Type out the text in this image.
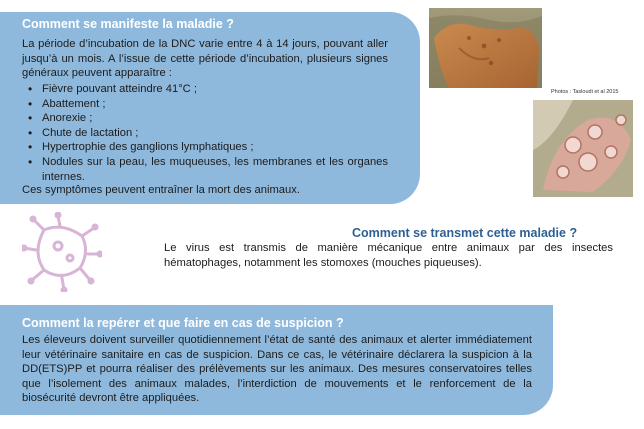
Comment se manifeste la maladie ?

La période d’incubation de la DNC varie entre 4 à 14 jours, pouvant aller jusqu’à un mois. A l’issue de cette période d’incubation, plusieurs signes généraux peuvent apparaître :

• Fièvre pouvant atteindre 41°C ;
• Abattement ;
• Anorexie ;
• Chute de lactation ;
• Hypertrophie des ganglions lymphatiques ;
• Nodules sur la peau, les muqueuses, les membranes et les organes internes.

Ces symptômes peuvent entraîner la mort des animaux.

Photos : Tasloudi et al 2015
Comment se transmet cette maladie ?

Le virus est transmis de manière mécanique entre animaux par des insectes hématophages, notamment les stomoxes (mouches piqueuses).

Comment la repérer et que faire en cas de suspicion ?

Les éleveurs doivent surveiller quotidiennement l’état de santé des animaux et alerter immédiatement leur vétérinaire sanitaire en cas de suspicion. Dans ce cas, le vétérinaire déclarera la suspicion à la DD(ETS)PP et pourra réaliser des prélèvements sur les animaux. Des mesures conservatoires telles que l’isolement des animaux malades, l’interdiction de mouvements et le renforcement de la biosécurité devront être appliquées.
